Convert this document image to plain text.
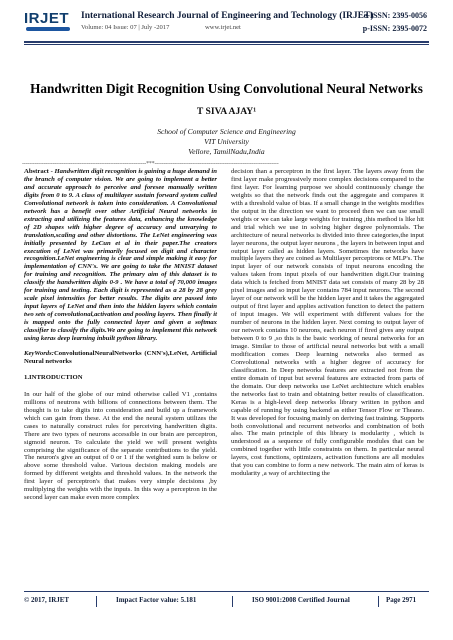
IRJET International Research Journal of Engineering and Technology (IRJET)
Volume: 04 Issue: 07 | July -2017	www.irjet.net
e-ISSN: 2395-0056
p-ISSN: 2395-0072
Handwritten Digit Recognition Using Convolutional Neural Networks
T SIVA AJAY¹
School of Computer Science and Engineering
VIT University
Vellore, TamilNadu,India
---------------------------------------------------------------------***---------------------------------------------------------------------

Abstract - Handwritten digit recognition is gaining a huge demand in the branch of computer vision. We are going to implement a better and accurate approach to perceive and foresee manually written digits from 0 to 9. A class of multilayer sustain forward system called Convolutional network is taken into consideration. A Convolutional network has a benefit over other Artificial Neural networks in extracting and utilizing the features data, enhancing the knowledge of 2D shapes with higher degree of accuracy and unvarying to translation,scaling and other distortions. The LeNet engineering was initially presented by LeCun et al in their paper.The creators execution of LeNet was primarily focused on digit and character recognition.LeNet engineering is clear and simple making it easy for implementation of CNN's. We are going to take the MNIST dataset for training and recognition. The primary aim of this dataset is to classify the handwritten digits 0-9 . We have a total of 70,000 images for training and testing. Each digit is represented as a 28 by 28 grey scale pixel intensities for better results. The digits are passed into input layers of LeNet and then into the hidden layers which contain two sets of convolutional,activation and pooling layers. Then finally it is mapped onto the fully connected layer and given a softmax classifier to classify the digits.We are going to implement this network using keras deep learning inbuilt python library.

KeyWords:ConvolutionalNeuralNetworks (CNN's),LeNet, Artificial Neural networks

1.INTRODUCTION

In our half of the globe of our mind otherwise called V1 ,contains millions of neutrons with billions of connections between them. The thought is to take digits into consideration and build up a framework which can gain from these. At the end the neural system utilizes the cases to naturally construct rules for perceiving handwritten digits. There are two types of neurons accessible in our brain are perceptron, sigmoid neuron. To calculate the yield we will present weights comprising the significance of the separate contributions to the yield. The neuron's give an output of 0 or 1 if the weighted sum is below or above some threshold value. Various decision making models are formed by different weights and threshold values. In the network the first layer of perceptron's that makes very simple decisions ,by multiplying the weights with the inputs. In this way a perceptron in the second layer can make even more complex

decision than a perceptron in the first layer. The layers away from the first layer make progressively more complex decisions compared to the first layer. For learning purpose we should continuously change the weights so that the network finds out the aggregate and compares it with a threshold value of bias. If a small change in the weights modifies the output in the direction we want to proceed then we can use small weights or we can take large weights for training ,this method is like hit and trial which we use in solving higher degree polynomials. The architecture of neural networks is divided into three categories,the input layer neurons, the output layer neurons , the layers in between input and output layer called as hidden layers. Sometimes the networks have multiple layers they are coined as Multilayer perceptrons or MLP's. The input layer of our network consists of input neurons encoding the values taken from input pixels of our handwritten digit.Our training data which is fetched from MNIST data set consists of many 28 by 28 pixel images and so input layer contains 784 input neurons. The second layer of our network will be the hidden layer and it takes the aggregated output of first layer and applies activation function to detect the pattern of input images. We will experiment with different values for the number of neurons in the hidden layer. Next coming to output layer of our network contains 10 neurons, each neuron if fired gives any output between 0 to 9 ,so this is the basic working of neural networks for an image. Similar to those of artificial neural networks but with a small modification comes Deep learning networks also termed as Convolutional networks with a higher degree of accuracy for classification. In Deep networks features are extracted not from the entire domain of input but several features are extracted from parts of the domain. Our deep networks use LeNet architecture which enables the networks fast to train and obtaining better results of classification. Keras is a high-level deep networks library written in python and capable of running by using backend as either Tensor Flow or Theano. It was developed for focusing mainly on deriving fast training. Supports both convolutional and recurrent networks and combination of both also. The main principle of this library is modularity , which is understood as a sequence of fully configurable modules that can be combined together with little constraints on them. In particular neural layers, cost functions, optimizers, activation functions are all modules that you can combine to form a new network. The main aim of keras is modularity ,a way of architecting the

© 2017, IRJET	Impact Factor value: 5.181	ISO 9001:2008 Certified Journal	Page 2971
